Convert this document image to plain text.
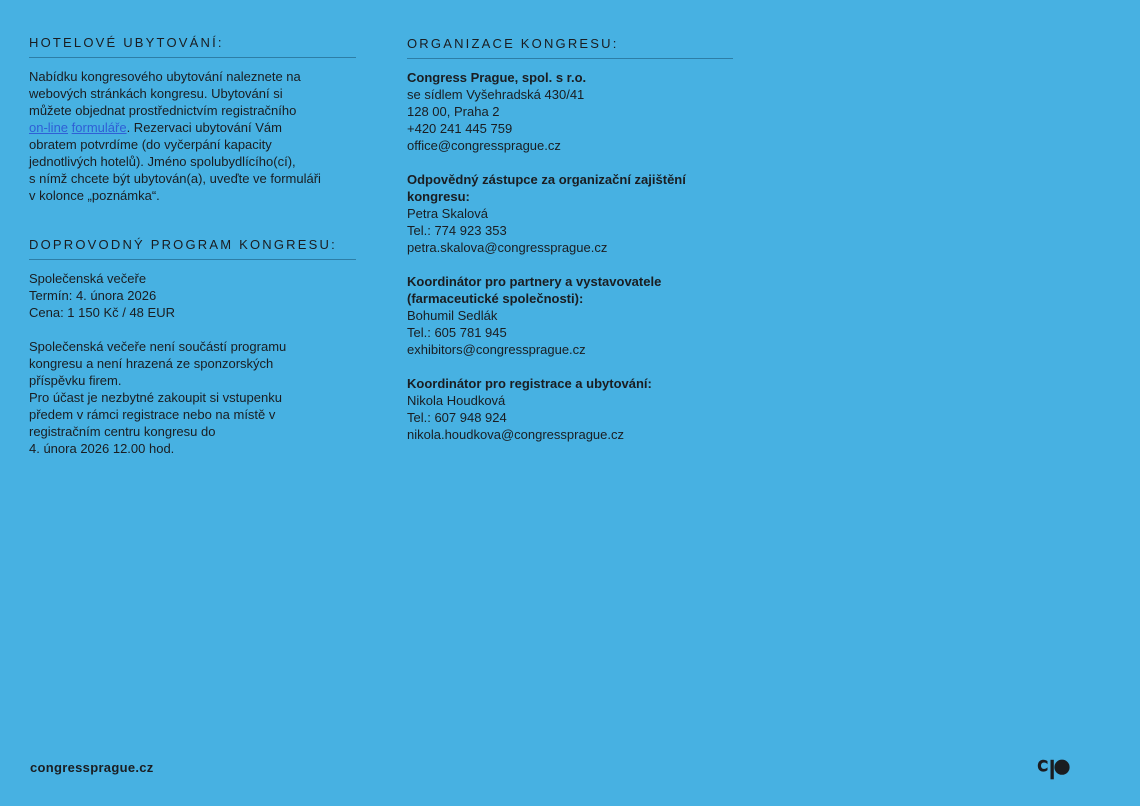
HOTELOVÉ UBYTOVÁNÍ:

Nabídku kongresového ubytování naleznete na

webových stránkách kongresu. Ubytování si

můžete objednat prostřednictvím registračního

on-line formuláře. Rezervaci ubytování Vám

obratem potvrdíme (do vyčerpání kapacity

jednotlivých hotelů). Jméno spolubydlícího(cí),

s nímž chcete být ubytován(a), uveďte ve formuláři

v kolonce „poznámka“.

DOPROVODNÝ PROGRAM KONGRESU:

Společenská večeře

Termín: 4. února 2026

Cena: 1 150 Kč / 48 EUR

Společenská večeře není součástí programu

kongresu a není hrazená ze sponzorských

příspěvku firem.

Pro účast je nezbytné zakoupit si vstupenku

předem v rámci registrace nebo na místě v

registračním centru kongresu do

4. února 2026 12.00 hod.

ORGANIZACE KONGRESU:

Congress Prague, spol. s r.o.

se sídlem Vyšehradská 430/41

128 00, Praha 2

+420 241 445 759

office@congressprague.cz

Odpovědný zástupce za organizační zajištění

kongresu:

Petra Skalová

Tel.: 774 923 353

petra.skalova@congressprague.cz

Koordinátor pro partnery a vystavovatele

(farmaceutické společnosti):

Bohumil Sedlák

Tel.: 605 781 945

exhibitors@congressprague.cz

Koordinátor pro registrace a ubytování:

Nikola Houdková

Tel.: 607 948 924

nikola.houdkova@congressprague.cz

congressprague.cz
